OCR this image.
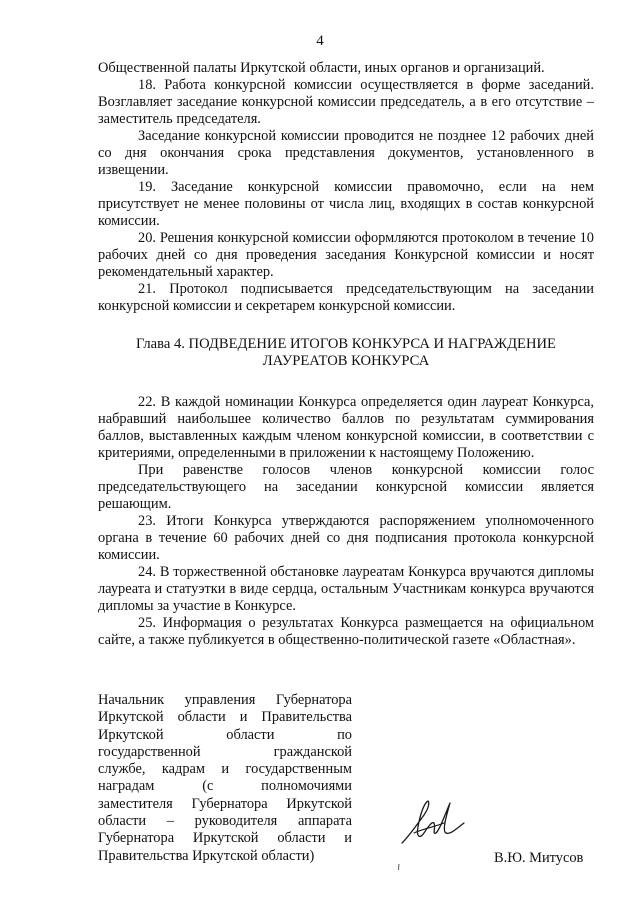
4

Общественной палаты Иркутской области, иных органов и организаций.

18. Работа конкурсной комиссии осуществляется в форме заседаний. Возглавляет заседание конкурсной комиссии председатель, а в его отсутствие – заместитель председателя.

Заседание конкурсной комиссии проводится не позднее 12 рабочих дней со дня окончания срока представления документов, установленного в извещении.

19. Заседание конкурсной комиссии правомочно, если на нем присутствует не менее половины от числа лиц, входящих в состав конкурсной комиссии.

20. Решения конкурсной комиссии оформляются протоколом в течение 10 рабочих дней со дня проведения заседания Конкурсной комиссии и носят рекомендательный характер.

21. Протокол подписывается председательствующим на заседании конкурсной комиссии и секретарем конкурсной комиссии.

Глава 4. ПОДВЕДЕНИЕ ИТОГОВ КОНКУРСА И НАГРАЖДЕНИЕ
ЛАУРЕАТОВ КОНКУРСА

22. В каждой номинации Конкурса определяется один лауреат Конкурса, набравший наибольшее количество баллов по результатам суммирования баллов, выставленных каждым членом конкурсной комиссии, в соответствии с критериями, определенными в приложении к настоящему Положению.

При равенстве голосов членов конкурсной комиссии голос председательствующего на заседании конкурсной комиссии является решающим.

23. Итоги Конкурса утверждаются распоряжением уполномоченного органа в течение 60 рабочих дней со дня подписания протокола конкурсной комиссии.

24. В торжественной обстановке лауреатам Конкурса вручаются дипломы лауреата и статуэтки в виде сердца, остальным Участникам конкурса вручаются дипломы за участие в Конкурсе.

25. Информация о результатах Конкурса размещается на официальном сайте, а также публикуется в общественно-политической газете «Областная».

Начальник управления Губернатора
Иркутской области и Правительства
Иркутской области по
государственной гражданской
службе, кадрам и государственным
наградам (с полномочиями
заместителя Губернатора Иркутской
области – руководителя аппарата
Губернатора Иркутской области и
Правительства Иркутской области)	В.Ю. Митусов
